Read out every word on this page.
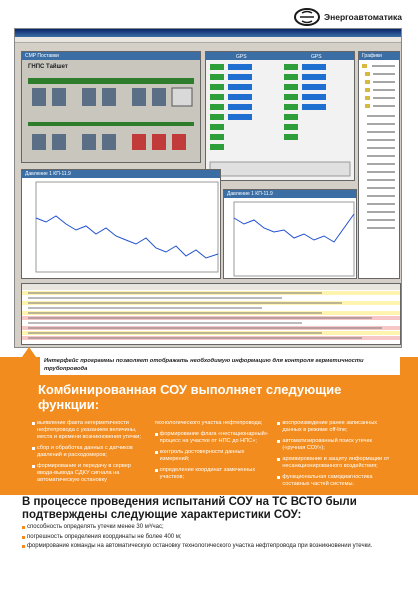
Энергоавтоматика
CMP Поставки
ГНПС Тайшет
GPS	GPS	Графики
Давление 1 КП-11.9
Давление 1 КП-11.9
Интерфейс программы позволяет отображать необходимую информацию для контроля герметичности трубопровода
Комбинированная СОУ выполняет следующие функции:
выявление факта негерметичности нефтепровода с указанием величины, места и времени возникновения утечки;
сбор и обработка данных с датчиков давлений и расходомеров;
формирование и передачу в сервер ввода-вывода СДКУ сигнала на автоматическую остановку
технологического участка нефтепровода;
формирование флага «нестационарный» процесс на участке от НПС до НПС»;
контроль достоверности данных измерений;
определение координат замеченных участков;
воспроизведение ранее записанных данных в режиме off-line;
автоматизированный поиск утечек («ручная СОУ»);
архивирование и защиту информации от несанкционированного воздействия;
функциональная самодиагностика составных частей системы.
В процессе проведения испытаний СОУ на ТС ВСТО были подтверждены следующие характеристики СОУ:
способность определять утечки менее 30 м³/час;
погрешность определения координаты не более 400 м;
формирование команды на автоматическую остановку технологического участка нефтепровода при возникновении утечки.
